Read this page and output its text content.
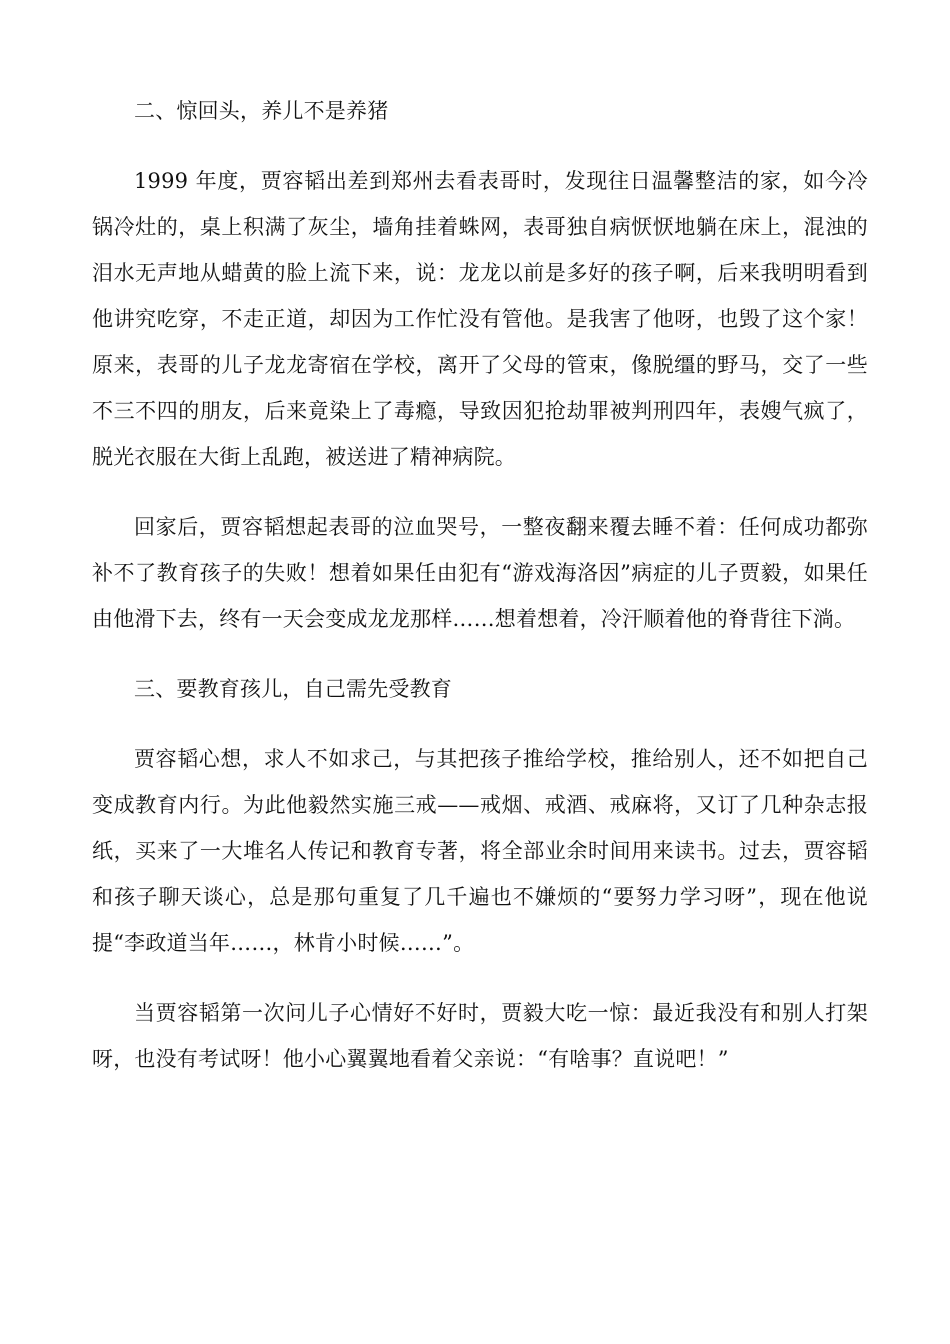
二、惊回头，养儿不是养猪

1999 年度，贾容韬出差到郑州去看表哥时，发现往日温馨整洁的家，如今冷锅冷灶的，桌上积满了灰尘，墙角挂着蛛网，表哥独自病恹恹地躺在床上，混浊的泪水无声地从蜡黄的脸上流下来，说：龙龙以前是多好的孩子啊，后来我明明看到他讲究吃穿，不走正道，却因为工作忙没有管他。是我害了他呀，也毁了这个家！原来，表哥的儿子龙龙寄宿在学校，离开了父母的管束，像脱缰的野马，交了一些不三不四的朋友，后来竟染上了毒瘾，导致因犯抢劫罪被判刑四年，表嫂气疯了，脱光衣服在大街上乱跑，被送进了精神病院。

回家后，贾容韬想起表哥的泣血哭号，一整夜翻来覆去睡不着：任何成功都弥补不了教育孩子的失败！想着如果任由犯有“游戏海洛因”病症的儿子贾毅，如果任由他滑下去，终有一天会变成龙龙那样……想着想着，冷汗顺着他的脊背往下淌。

三、要教育孩儿，自己需先受教育

贾容韬心想，求人不如求己，与其把孩子推给学校，推给别人，还不如把自己变成教育内行。为此他毅然实施三戒——戒烟、戒酒、戒麻将，又订了几种杂志报纸，买来了一大堆名人传记和教育专著，将全部业余时间用来读书。过去，贾容韬和孩子聊天谈心，总是那句重复了几千遍也不嫌烦的“要努力学习呀”，现在他说提“李政道当年……，林肯小时候……”。

当贾容韬第一次问儿子心情好不好时，贾毅大吃一惊：最近我没有和别人打架呀，也没有考试呀！他小心翼翼地看着父亲说：“有啥事？直说吧！”
